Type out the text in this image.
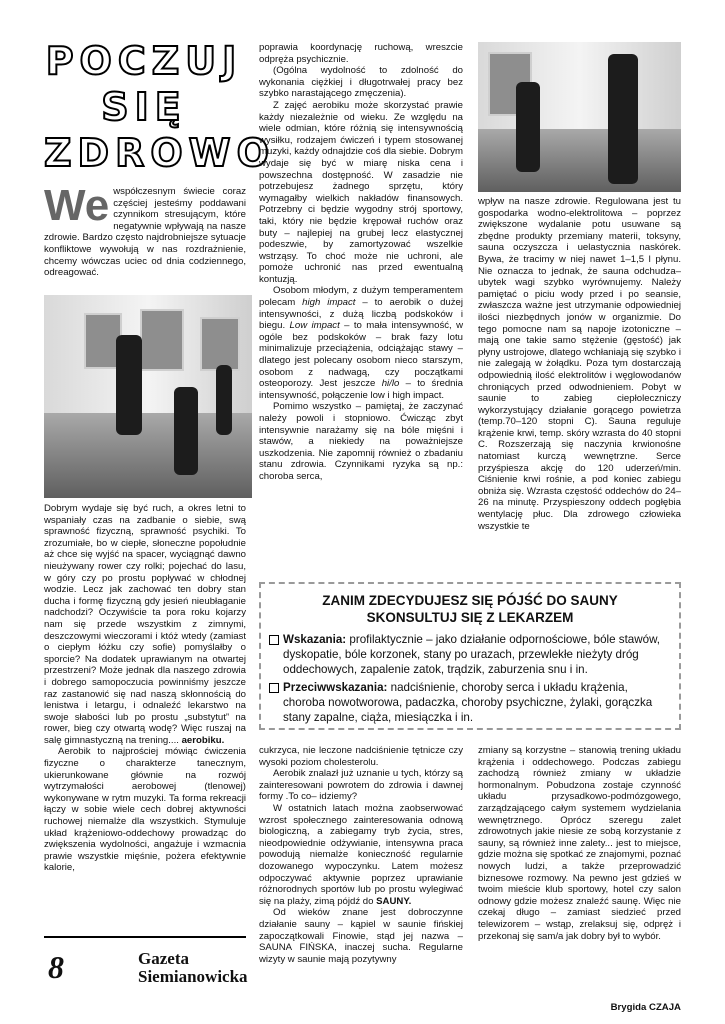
POCZUJ
SIĘ
ZDROWO
We współczesnym świecie coraz częściej jesteśmy poddawani czynnikom stresującym, które negatywnie wpływają na nasze zdrowie. Bardzo często najdrobniejsze sytuacje konfliktowe wywołują w nas rozdrażnienie, chcemy wówczas uciec od dnia codziennego, odreagować.

Dobrym wydaje się być ruch, a okres letni to wspaniały czas na zadbanie o siebie, swą sprawność fizyczną, sprawność psychiki. To zrozumiałe, bo w ciepłe, słoneczne popołudnie aż chce się wyjść na spacer, wyciągnąć dawno nieużywany rower czy rolki; pojechać do lasu, w góry czy po prostu popływać w chłodnej wodzie. Lecz jak zachować ten dobry stan ducha i formę fizyczną gdy jesień nieubłaganie nadchodzi? Oczywiście ta pora roku kojarzy nam się przede wszystkim z zimnymi, deszczowymi wieczorami i któż wtedy (zamiast o ciepłym łóżku czy sofie) pomyślałby o sporcie? Na dodatek uprawianym na otwartej przestrzeni? Może jednak dla naszego zdrowia i dobrego samopoczucia powinniśmy jeszcze raz zastanowić się nad naszą skłonnością do lenistwa i letargu, i odnaleźć lekarstwo na swoje słabości lub po prostu „substytut” na rower, bieg czy otwartą wodę? Więc ruszaj na salę gimnastyczną na trening.... aerobiku.

Aerobik to najprościej mówiąc ćwiczenia fizyczne o charakterze tanecznym, ukierunkowane głównie na rozwój wytrzymałości aerobowej (tlenowej) wykonywane w rytm muzyki. Ta forma rekreacji łączy w sobie wiele cech dobrej aktywności ruchowej niemalże dla wszystkich. Stymuluje układ krążeniowo-oddechowy prowadząc do zwiększenia wydolności, angażuje i wzmacnia prawie wszystkie mięśnie, pożera efektywnie kalorie,

poprawia koordynację ruchową, wreszcie odpręża psychicznie.

(Ogólna wydolność to zdolność do wykonania ciężkiej i długotrwałej pracy bez szybko narastającego zmęczenia).

Z zajęć aerobiku może skorzystać prawie każdy niezależnie od wieku. Ze względu na wiele odmian, które różnią się intensywnością wysiłku, rodzajem ćwiczeń i typem stosowanej muzyki, każdy odnajdzie coś dla siebie. Dobrym wydaje się być w miarę niska cena i powszechna dostępność. W zasadzie nie potrzebujesz żadnego sprzętu, który wymagałby wielkich nakładów finansowych. Potrzebny ci będzie wygodny strój sportowy, taki, który nie będzie krępował ruchów oraz buty – najlepiej na grubej lecz elastycznej podeszwie, by zamortyzować wszelkie wstrząsy. To choć może nie uchroni, ale pomoże uchronić nas przed ewentualną kontuzją.

Osobom młodym, z dużym temperamentem polecam high impact – to aerobik o dużej intensywności, z dużą liczbą podskoków i biegu. Low impact – to mała intensywność, w ogóle bez podskoków – brak fazy lotu minimalizuje przeciążenia, odciążając stawy – dlatego jest polecany osobom nieco starszym, osobom z nadwagą, czy początkami osteoporozy. Jest jeszcze hi/lo – to średnia intensywność, połączenie low i high impact.

Pomimo wszystko – pamiętaj, że zaczynać należy powoli i stopniowo. Ćwicząc zbyt intensywnie narażamy się na bóle mięśni i stawów, a niekiedy na poważniejsze uszkodzenia. Nie zapomnij również o zbadaniu stanu zdrowia. Czynnikami ryzyka są np.: choroba serca,

wpływ na nasze zdrowie. Regulowana jest tu gospodarka wodno-elektrolitowa – poprzez zwiększone wydalanie potu usuwane są zbędne produkty przemiany materii, toksyny, sauna oczyszcza i uelastycznia naskórek. Bywa, że tracimy w niej nawet 1–1,5 l płynu. Nie oznacza to jednak, że sauna odchudza–ubytek wagi szybko wyrównujemy. Należy pamiętać o piciu wody przed i po seansie, zwłaszcza ważne jest utrzymanie odpowiedniej ilości niezbędnych jonów w organizmie. Do tego pomocne nam są napoje izotoniczne – mają one takie samo stężenie (gęstość) jak płyny ustrojowe, dlatego wchłaniają się szybko i nie zalegają w żołądku. Poza tym dostarczają odpowiednią ilość elektrolitów i węglowodanów chroniących przed odwodnieniem. Pobyt w saunie to zabieg ciepłoleczniczy wykorzystujący działanie gorącego powietrza (temp.70–120 stopni C). Sauna reguluje krążenie krwi, temp. skóry wzrasta do 40 stopni C. Rozszerzają się naczynia krwionośne natomiast kurczą wewnętrzne. Serce przyśpiesza akcję do 120 uderzeń/min. Ciśnienie krwi rośnie, a pod koniec zabiegu obniża się. Wzrasta częstość oddechów do 24–26 na minutę. Przyspieszony oddech pogłębia wentylację płuc. Dla zdrowego człowieka wszystkie te

ZANIM ZDECYDUJESZ SIĘ PÓJŚĆ DO SAUNY
SKONSULTUJ SIĘ Z LEKARZEM
Wskazania: profilaktycznie – jako działanie odpornościowe, bóle stawów, dyskopatie, bóle korzonek, stany po urazach, przewlekłe nieżyty dróg oddechowych, zapalenie zatok, trądzik, zaburzenia snu i in.
Przeciwwskazania: nadciśnienie, choroby serca i układu krążenia, choroba nowotworowa, padaczka, choroby psychiczne, żylaki, gorączka stany zapalne, ciąża, miesiączka i in.

cukrzyca, nie leczone nadciśnienie tętnicze czy wysoki poziom cholesterolu.

Aerobik znalazł już uznanie u tych, którzy są zainteresowani powrotem do zdrowia i dawnej formy .To co– idziemy?

W ostatnich latach można zaobserwować wzrost społecznego zainteresowania odnową biologiczną, a zabiegamy tryb życia, stres, nieodpowiednie odżywianie, intensywna praca powodują niemalże konieczność regularnie dozowanego wypoczynku. Latem możesz odpoczywać aktywnie poprzez uprawianie różnorodnych sportów lub po prostu wylegiwać się na plaży, zimą pójdź do SAUNY.

Od wieków znane jest dobroczynne działanie sauny – kąpiel w saunie fińskiej zapoczątkowali Finowie, stąd jej nazwa – SAUNA FIŃSKA, inaczej sucha. Regularne wizyty w saunie mają pozytywny

zmiany są korzystne – stanowią trening układu krążenia i oddechowego. Podczas zabiegu zachodzą również zmiany w układzie hormonalnym. Pobudzona zostaje czynność układu przysadkowo-podmózgowego, zarządzającego całym systemem wydzielania wewnętrznego. Oprócz szeregu zalet zdrowotnych jakie niesie ze sobą korzystanie z sauny, są również inne zalety... jest to miejsce, gdzie można się spotkać ze znajomymi, poznać nowych ludzi, a także przeprowadzić biznesowe rozmowy. Na pewno jest gdzieś w twoim mieście klub sportowy, hotel czy salon odnowy gdzie możesz znaleźć saunę. Więc nie czekaj długo – zamiast siedzieć przed telewizorem – wstąp, zrelaksuj się, odpręż i przekonaj się sam/a jak dobry był to wybór.

Brygida CZAJA
8	Gazeta
Siemianowicka
